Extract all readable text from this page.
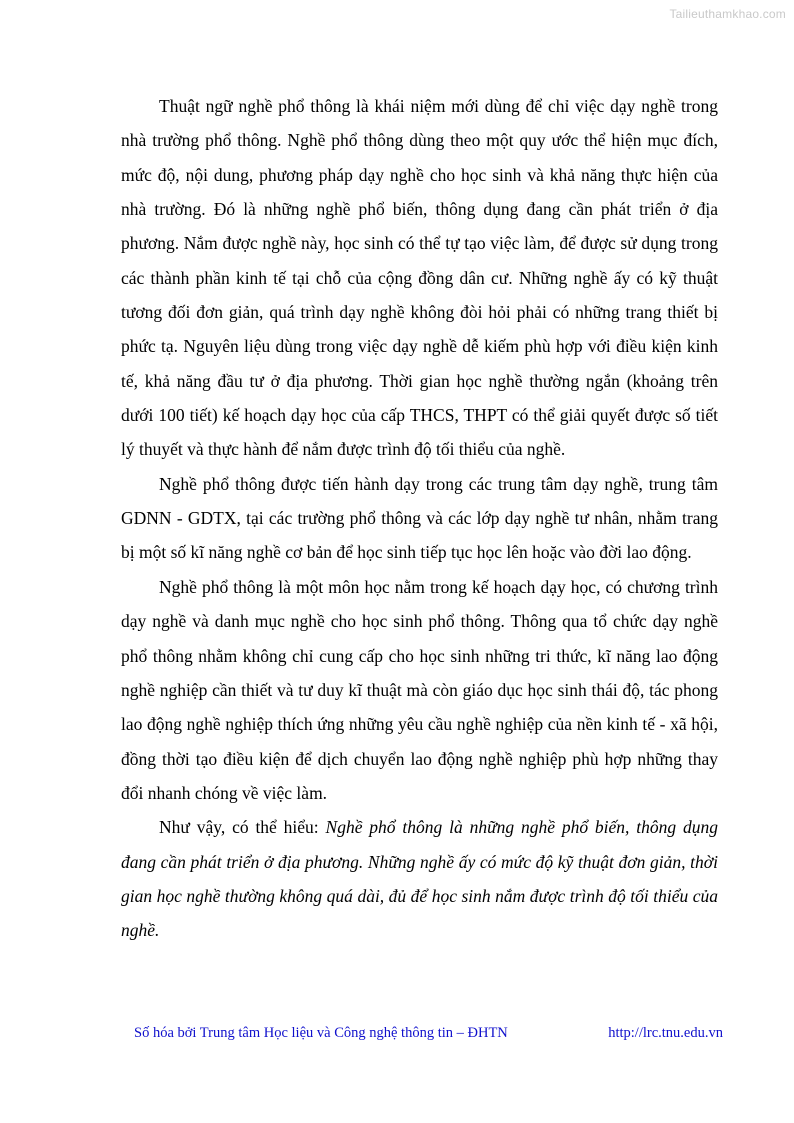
Tailieuthamkhao.com

Thuật ngữ nghề phổ thông là khái niệm mới dùng để chỉ việc dạy nghề trong nhà trường phổ thông. Nghề phổ thông dùng theo một quy ước thể hiện mục đích, mức độ, nội dung, phương pháp dạy nghề cho học sinh và khả năng thực hiện của nhà trường. Đó là những nghề phổ biến, thông dụng đang cần phát triển ở địa phương. Nắm được nghề này, học sinh có thể tự tạo việc làm, để được sử dụng trong các thành phần kinh tế tại chỗ của cộng đồng dân cư. Những nghề ấy có kỹ thuật tương đối đơn giản, quá trình dạy nghề không đòi hỏi phải có những trang thiết bị phức tạ. Nguyên liệu dùng trong việc dạy nghề dễ kiếm phù hợp với điều kiện kinh tế, khả năng đầu tư ở địa phương. Thời gian học nghề thường ngắn (khoảng trên dưới 100 tiết) kế hoạch dạy học của cấp THCS, THPT có thể giải quyết được số tiết lý thuyết và thực hành để nắm được trình độ tối thiểu của nghề.

Nghề phổ thông được tiến hành dạy trong các trung tâm dạy nghề, trung tâm GDNN - GDTX, tại các trường phổ thông và các lớp dạy nghề tư nhân, nhằm trang bị một số kĩ năng nghề cơ bản để học sinh tiếp tục học lên hoặc vào đời lao động.

Nghề phổ thông là một môn học nằm trong kế hoạch dạy học, có chương trình dạy nghề và danh mục nghề cho học sinh phổ thông. Thông qua tổ chức dạy nghề phổ thông nhằm không chỉ cung cấp cho học sinh những tri thức, kĩ năng lao động nghề nghiệp cần thiết và tư duy kĩ thuật mà còn giáo dục học sinh thái độ, tác phong lao động nghề nghiệp thích ứng những yêu cầu nghề nghiệp của nền kinh tế - xã hội, đồng thời tạo điều kiện để dịch chuyển lao động nghề nghiệp phù hợp những thay đổi nhanh chóng về việc làm.

Như vậy, có thể hiểu: Nghề phổ thông là những nghề phổ biến, thông dụng đang cần phát triển ở địa phương. Những nghề ấy có mức độ kỹ thuật đơn giản, thời gian học nghề thường không quá dài, đủ để học sinh nắm được trình độ tối thiểu của nghề.

Số hóa bởi Trung tâm Học liệu và Công nghệ thông tin – ĐHTN	http://lrc.tnu.edu.vn
